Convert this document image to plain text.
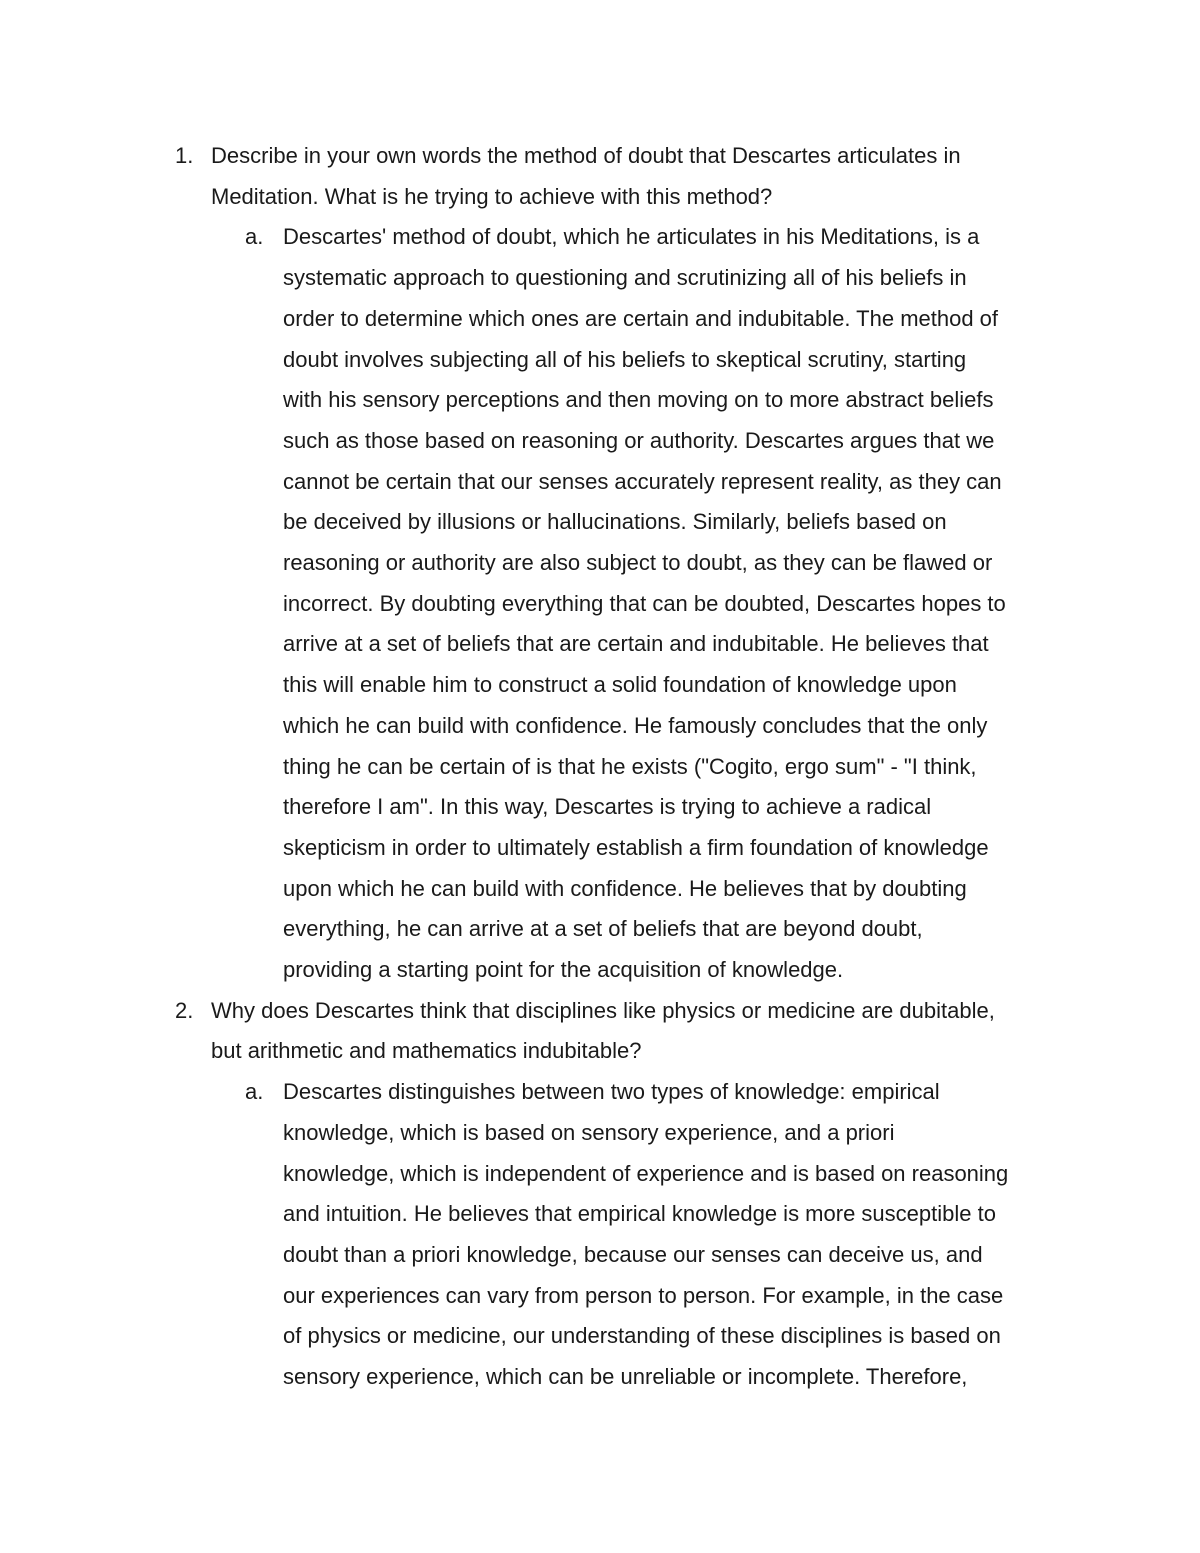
1. Describe in your own words the method of doubt that Descartes articulates in
Meditation. What is he trying to achieve with this method?
a. Descartes' method of doubt, which he articulates in his Meditations, is a
systematic approach to questioning and scrutinizing all of his beliefs in
order to determine which ones are certain and indubitable. The method of
doubt involves subjecting all of his beliefs to skeptical scrutiny, starting
with his sensory perceptions and then moving on to more abstract beliefs
such as those based on reasoning or authority. Descartes argues that we
cannot be certain that our senses accurately represent reality, as they can
be deceived by illusions or hallucinations. Similarly, beliefs based on
reasoning or authority are also subject to doubt, as they can be flawed or
incorrect. By doubting everything that can be doubted, Descartes hopes to
arrive at a set of beliefs that are certain and indubitable. He believes that
this will enable him to construct a solid foundation of knowledge upon
which he can build with confidence. He famously concludes that the only
thing he can be certain of is that he exists ("Cogito, ergo sum" - "I think,
therefore I am". In this way, Descartes is trying to achieve a radical
skepticism in order to ultimately establish a firm foundation of knowledge
upon which he can build with confidence. He believes that by doubting
everything, he can arrive at a set of beliefs that are beyond doubt,
providing a starting point for the acquisition of knowledge.
2. Why does Descartes think that disciplines like physics or medicine are dubitable,
but arithmetic and mathematics indubitable?
a. Descartes distinguishes between two types of knowledge: empirical
knowledge, which is based on sensory experience, and a priori
knowledge, which is independent of experience and is based on reasoning
and intuition. He believes that empirical knowledge is more susceptible to
doubt than a priori knowledge, because our senses can deceive us, and
our experiences can vary from person to person. For example, in the case
of physics or medicine, our understanding of these disciplines is based on
sensory experience, which can be unreliable or incomplete. Therefore,
